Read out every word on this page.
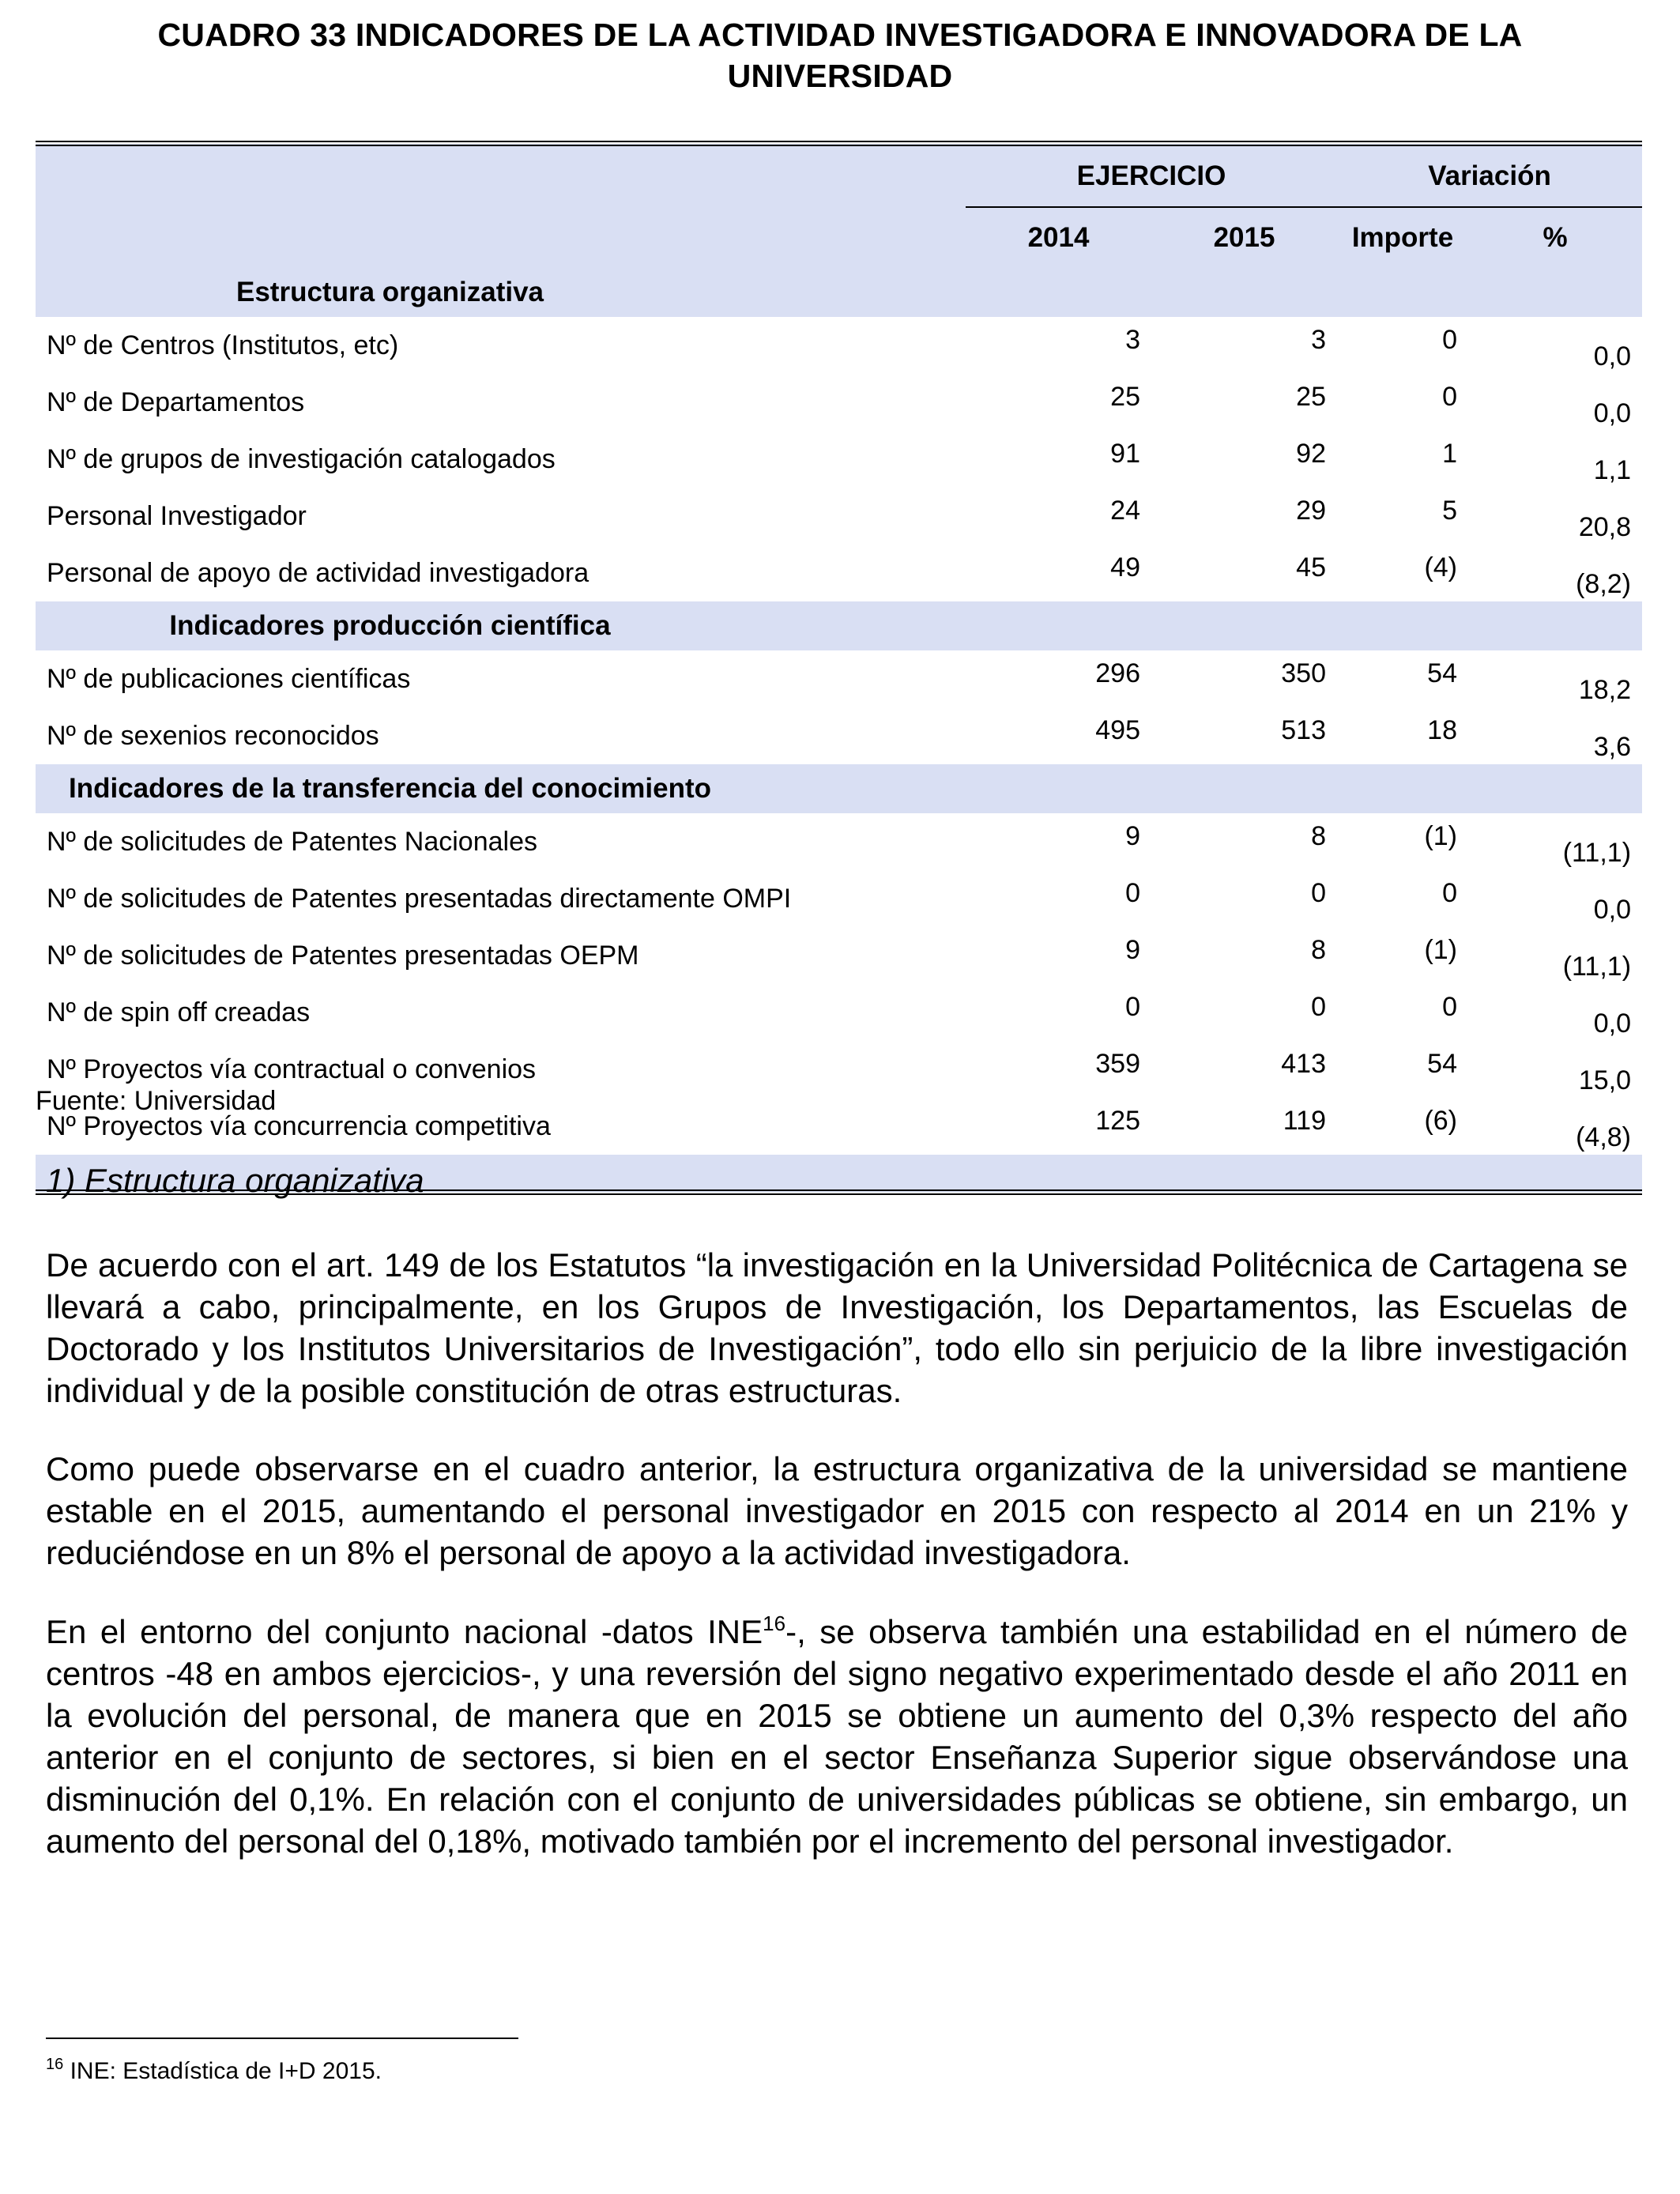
CUADRO 33 INDICADORES DE LA ACTIVIDAD INVESTIGADORA E INNOVADORA DE LA
UNIVERSIDAD
	EJERCICIO		Variación	
	2014	2015	Importe	%
Estructura organizativa				
Nº de Centros (Institutos, etc)	3	3	0	0,0
Nº de Departamentos	25	25	0	0,0
Nº de grupos de investigación catalogados	91	92	1	1,1
Personal Investigador	24	29	5	20,8
Personal de apoyo de actividad investigadora	49	45	(4)	(8,2)
Indicadores producción científica				
Nº de publicaciones científicas	296	350	54	18,2
Nº de sexenios reconocidos	495	513	18	3,6
Indicadores de la transferencia del conocimiento				
Nº de solicitudes de Patentes Nacionales	9	8	(1)	(11,1)
Nº de solicitudes de Patentes presentadas directamente OMPI	0	0	0	0,0
Nº de solicitudes de Patentes presentadas OEPM	9	8	(1)	(11,1)
Nº de spin off creadas	0	0	0	0,0
Nº Proyectos vía contractual o convenios	359	413	54	15,0
Nº Proyectos vía concurrencia competitiva	125	119	(6)	(4,8)

Fuente: Universidad
1) Estructura organizativa

De acuerdo con el art. 149 de los Estatutos “la investigación en la Universidad Politécnica de Cartagena se llevará a cabo, principalmente, en los Grupos de Investigación, los Departamentos, las Escuelas de Doctorado y los Institutos Universitarios de Investigación”, todo ello sin perjuicio de la libre investigación individual y de la posible constitución de otras estructuras.

Como puede observarse en el cuadro anterior, la estructura organizativa de la universidad se mantiene estable en el 2015, aumentando el personal investigador en 2015 con respecto al 2014 en un 21% y reduciéndose en un 8% el personal de apoyo a la actividad investigadora.

En el entorno del conjunto nacional -datos INE$^{16}$-, se observa también una estabilidad en el número de centros -48 en ambos ejercicios-, y una reversión del signo negativo experimentado desde el año 2011 en la evolución del personal, de manera que en 2015 se obtiene un aumento del 0,3% respecto del año anterior en el conjunto de sectores, si bien en el sector Enseñanza Superior sigue observándose una disminución del 0,1%. En relación con el conjunto de universidades públicas se obtiene, sin embargo, un aumento del personal del 0,18%, motivado también por el incremento del personal investigador.

$^{16}$ INE: Estadística de I+D 2015.
